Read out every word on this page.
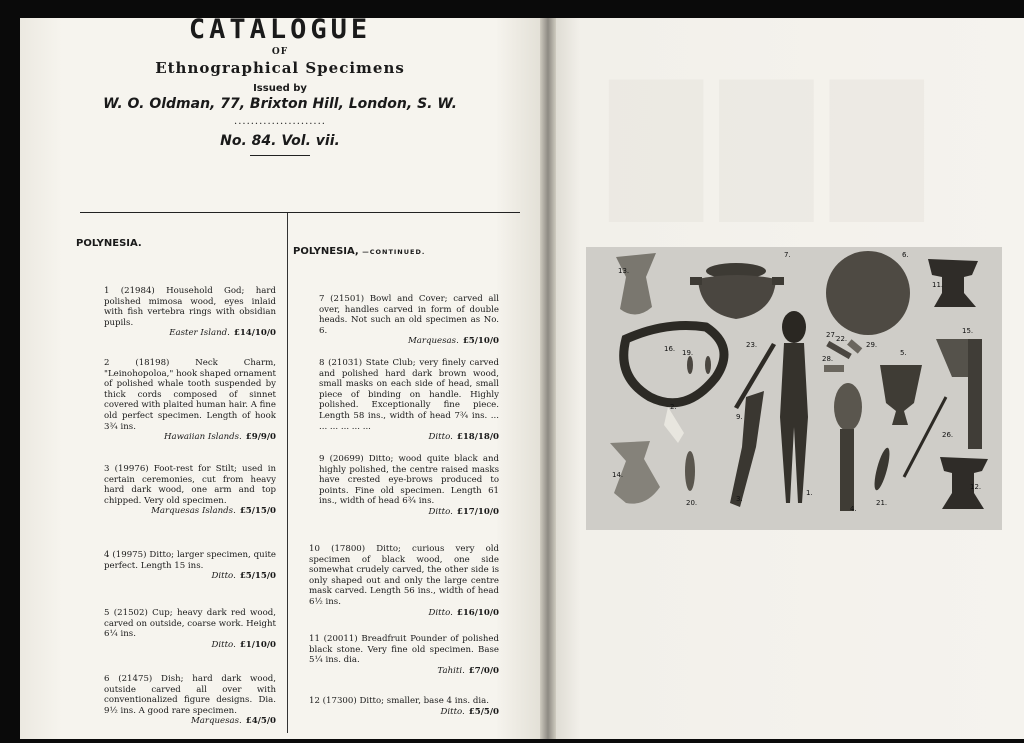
███
CATALOGUE
OF
Ethnographical Specimens
Issued by
W. O. Oldman, 77, Brixton Hill, London, S. W.
......................
No. 84. Vol. vii.
POLYNESIA.
1 (21984) Household God; hard polished mimosa wood, eyes inlaid with fish vertebra rings with obsidian pupils.
Easter Island. £14/10/0
2 (18198) Neck Charm, "Leinohopoloa," hook shaped ornament of polished whale tooth suspended by thick cords composed of sinnet covered with plaited human hair. A fine old perfect specimen. Length of hook 3¾ ins.
Hawaiian Islands. £9/9/0
3 (19976) Foot-rest for Stilt; used in certain ceremonies, cut from heavy hard dark wood, one arm and top chipped. Very old specimen.
Marquesas Islands. £5/15/0
4 (19975) Ditto; larger specimen, quite perfect. Length 15 ins.
Ditto. £5/15/0
5 (21502) Cup; heavy dark red wood, carved on outside, coarse work. Height 6¼ ins.
Ditto. £1/10/0
6 (21475) Dish; hard dark wood, outside carved all over with conventionalized figure designs. Dia. 9½ ins. A good rare specimen.
Marquesas. £4/5/0
POLYNESIA, —CONTINUED.
7 (21501) Bowl and Cover; carved all over, handles carved in form of double heads. Not such an old specimen as No. 6.
Marquesas. £5/10/0
8 (21031) State Club; very finely carved and polished hard dark brown wood, small masks on each side of head, small piece of binding on handle. Highly polished. Exceptionally fine piece. Length 58 ins., width of head 7¾ ins. ... ... ... ... ... ...
Ditto. £18/18/0
9 (20699) Ditto; wood quite black and highly polished, the centre raised masks have crested eye-brows produced to points. Fine old specimen. Length 61 ins., width of head 6¾ ins.
Ditto. £17/10/0
10 (17800) Ditto; curious very old specimen of black wood, one side somewhat crudely carved, the other side is only shaped out and only the large centre mask carved. Length 56 ins., width of head 6½ ins.
Ditto. £16/10/0
11 (20011) Breadfruit Pounder of polished black stone. Very fine old specimen. Base 5¼ ins. dia.
Tahiti. £7/0/0
12 (17300) Ditto; smaller, base 4 ins. dia.
Ditto. £5/5/0
13.
7.	6.
11.
16. 19.
23.
27.
28.
29.
22.
5.
15.
2.
9.
26.
14.
20.	3.
1.
4.
21.
12.
